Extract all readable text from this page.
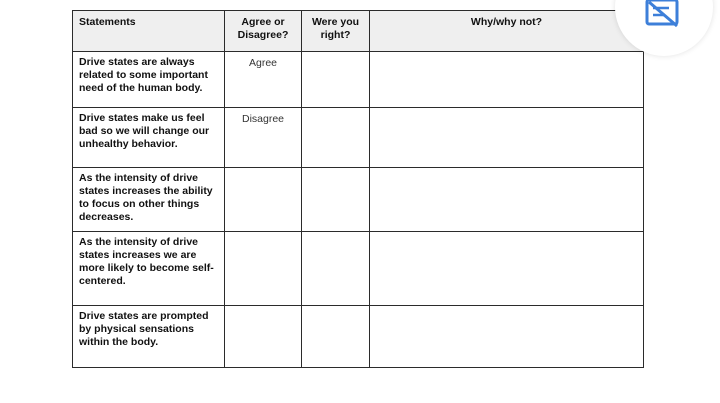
Statements	Agree or Disagree?	Were you right?	Why/why not?
Drive states are always related to some important need of the human body.	Agree		
Drive states make us feel bad so we will change our unhealthy behavior.	Disagree		
As the intensity of drive states increases the ability to focus on other things decreases.			
As the intensity of drive states increases we are more likely to become self-centered.			
Drive states are prompted by physical sensations within the body.			
